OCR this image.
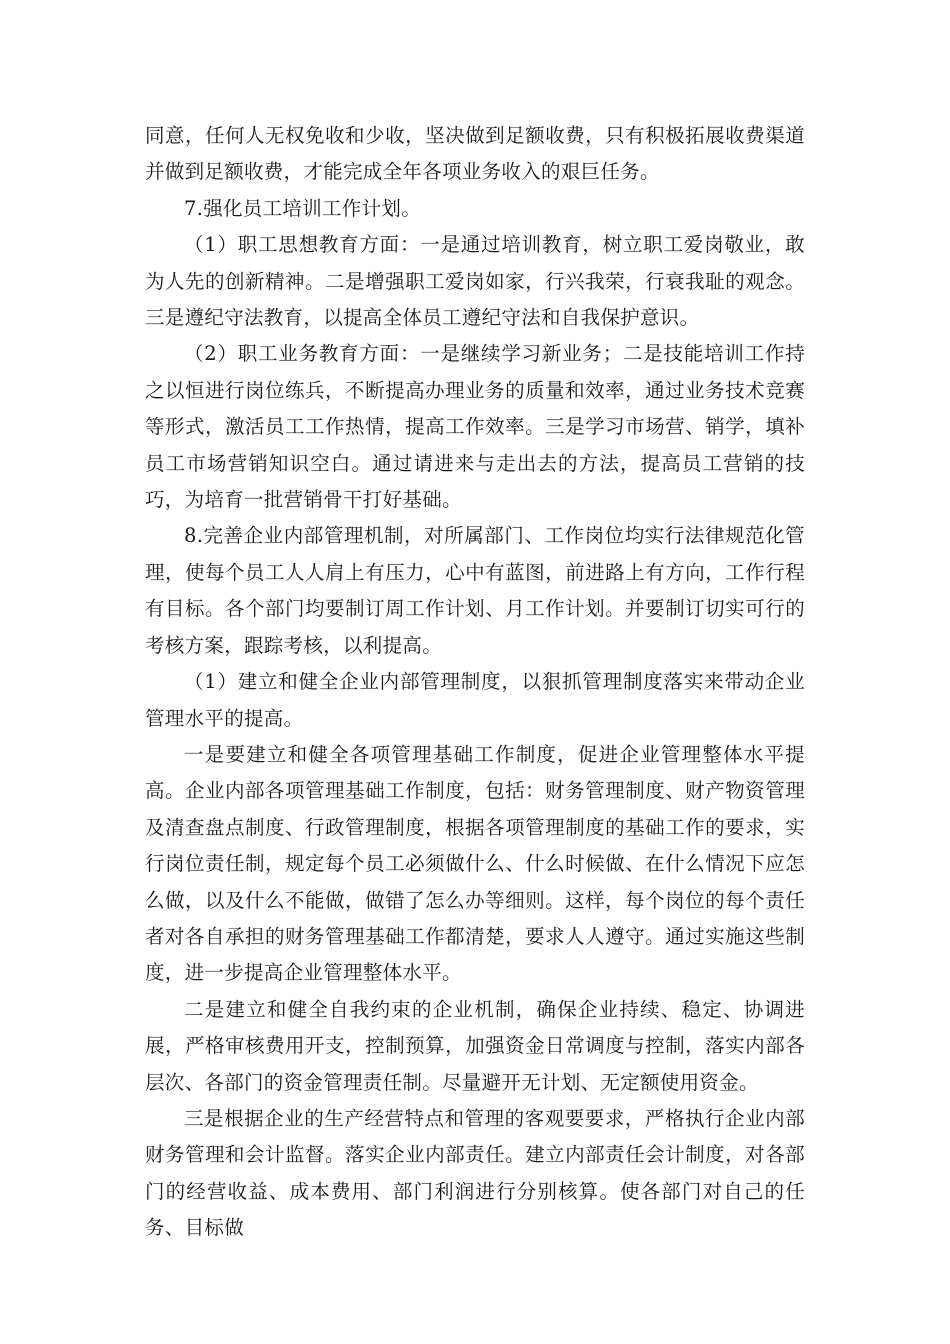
同意，任何人无权免收和少收，坚决做到足额收费，只有积极拓展收费渠道并做到足额收费，才能完成全年各项业务收入的艰巨任务。

7.强化员工培训工作计划。

（1）职工思想教育方面：一是通过培训教育，树立职工爱岗敬业，敢为人先的创新精神。二是增强职工爱岗如家，行兴我荣，行衰我耻的观念。三是遵纪守法教育，以提高全体员工遵纪守法和自我保护意识。

（2）职工业务教育方面：一是继续学习新业务；二是技能培训工作持之以恒进行岗位练兵，不断提高办理业务的质量和效率，通过业务技术竞赛等形式，激活员工工作热情，提高工作效率。三是学习市场营、销学，填补员工市场营销知识空白。通过请进来与走出去的方法，提高员工营销的技巧，为培育一批营销骨干打好基础。

8.完善企业内部管理机制，对所属部门、工作岗位均实行法律规范化管理，使每个员工人人肩上有压力，心中有蓝图，前进路上有方向，工作行程有目标。各个部门均要制订周工作计划、月工作计划。并要制订切实可行的考核方案，跟踪考核，以利提高。

（1）建立和健全企业内部管理制度，以狠抓管理制度落实来带动企业管理水平的提高。

一是要建立和健全各项管理基础工作制度，促进企业管理整体水平提高。企业内部各项管理基础工作制度，包括：财务管理制度、财产物资管理及清查盘点制度、行政管理制度，根据各项管理制度的基础工作的要求，实行岗位责任制，规定每个员工必须做什么、什么时候做、在什么情况下应怎么做，以及什么不能做，做错了怎么办等细则。这样，每个岗位的每个责任者对各自承担的财务管理基础工作都清楚，要求人人遵守。通过实施这些制度，进一步提高企业管理整体水平。

二是建立和健全自我约束的企业机制，确保企业持续、稳定、协调进展，严格审核费用开支，控制预算，加强资金日常调度与控制，落实内部各层次、各部门的资金管理责任制。尽量避开无计划、无定额使用资金。

三是根据企业的生产经营特点和管理的客观要要求，严格执行企业内部财务管理和会计监督。落实企业内部责任。建立内部责任会计制度，对各部门的经营收益、成本费用、部门利润进行分别核算。使各部门对自己的任务、目标做
